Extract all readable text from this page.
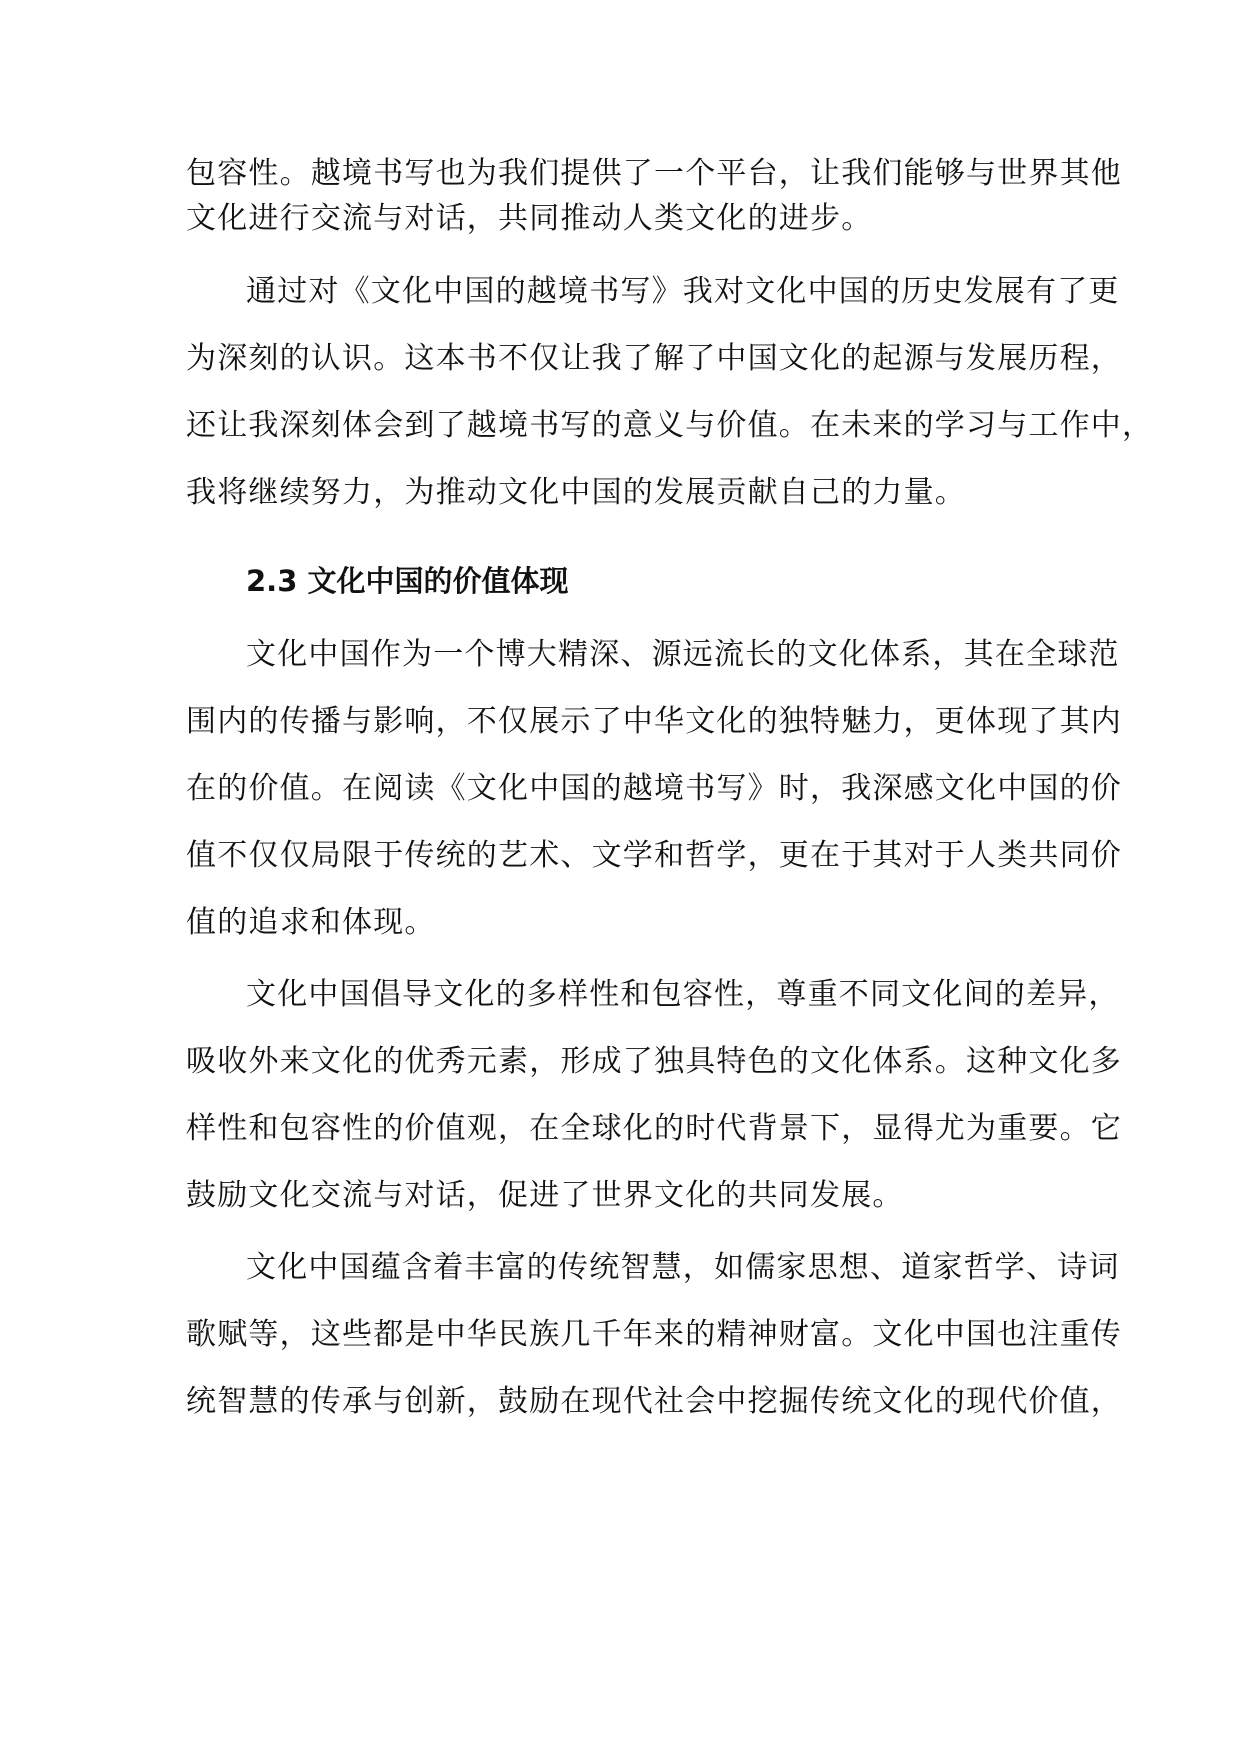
包容性。越境书写也为我们提供了一个平台，让我们能够与世界其他
文化进行交流与对话，共同推动人类文化的进步。
通过对《文化中国的越境书写》我对文化中国的历史发展有了更
为深刻的认识。这本书不仅让我了解了中国文化的起源与发展历程，
还让我深刻体会到了越境书写的意义与价值。在未来的学习与工作中，
我将继续努力，为推动文化中国的发展贡献自己的力量。
2.3 文化中国的价值体现
文化中国作为一个博大精深、源远流长的文化体系，其在全球范
围内的传播与影响，不仅展示了中华文化的独特魅力，更体现了其内
在的价值。在阅读《文化中国的越境书写》时，我深感文化中国的价
值不仅仅局限于传统的艺术、文学和哲学，更在于其对于人类共同价
值的追求和体现。
文化中国倡导文化的多样性和包容性，尊重不同文化间的差异，
吸收外来文化的优秀元素，形成了独具特色的文化体系。这种文化多
样性和包容性的价值观，在全球化的时代背景下，显得尤为重要。它
鼓励文化交流与对话，促进了世界文化的共同发展。
文化中国蕴含着丰富的传统智慧，如儒家思想、道家哲学、诗词
歌赋等，这些都是中华民族几千年来的精神财富。文化中国也注重传
统智慧的传承与创新，鼓励在现代社会中挖掘传统文化的现代价值，
